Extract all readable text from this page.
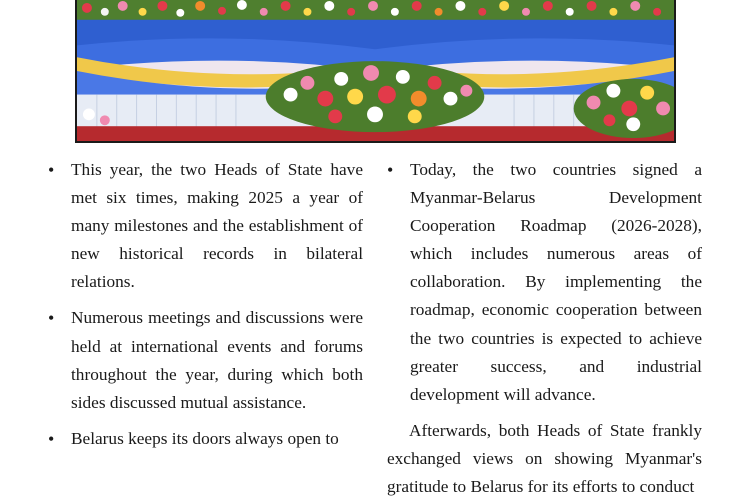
•
This year, the two Heads of State have met six times, making 2025 a year of many milestones and the establishment of new historical records in bilateral relations.
•
Numerous meetings and discussions were held at international events and forums throughout the year, during which both sides discussed mutual assistance.
•
Belarus keeps its doors always open to
•
Today, the two countries signed a Myanmar-Belarus Development Cooperation Roadmap (2026-2028), which includes numerous areas of collaboration. By implementing the roadmap, economic cooperation between the two countries is expected to achieve greater success, and industrial development will advance.

Afterwards, both Heads of State frankly exchanged views on showing Myanmar's gratitude to Belarus for its efforts to conduct
